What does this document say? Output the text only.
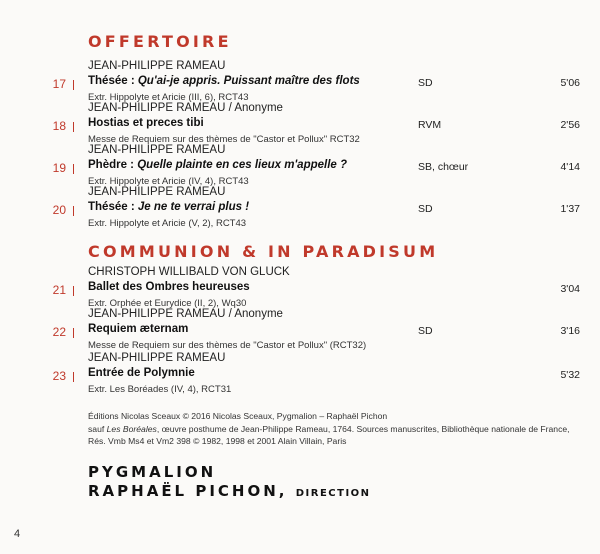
OFFERTOIRE
17
JEAN-PHILIPPE RAMEAU
Thésée : Qu'ai-je appris. Puissant maître des flots
Extr. Hippolyte et Aricie (III, 6), RCT43
SD	5'06
18
JEAN-PHILIPPE RAMEAU / Anonyme
Hostias et preces tibi
Messe de Requiem sur des thèmes de "Castor et Pollux" RCT32
RVM	2'56
19
JEAN-PHILIPPE RAMEAU
Phèdre : Quelle plainte en ces lieux m'appelle ?
Extr. Hippolyte et Aricie (IV, 4), RCT43
SB, chœur	4'14
20
JEAN-PHILIPPE RAMEAU
Thésée : Je ne te verrai plus !
Extr. Hippolyte et Aricie (V, 2), RCT43
SD	1'37
COMMUNION & IN PARADISUM
21
CHRISTOPH WILLIBALD VON GLUCK
Ballet des Ombres heureuses
Extr. Orphée et Eurydice (II, 2), Wq30
3'04
22
JEAN-PHILIPPE RAMEAU / Anonyme
Requiem æternam
Messe de Requiem sur des thèmes de "Castor et Pollux" (RCT32)
SD	3'16
23
JEAN-PHILIPPE RAMEAU
Entrée de Polymnie
Extr. Les Boréades (IV, 4), RCT31
5'32
Éditions Nicolas Sceaux © 2016 Nicolas Sceaux, Pygmalion – Raphaël Pichon
sauf Les Boréales, œuvre posthume de Jean-Philippe Rameau, 1764. Sources manuscrites, Bibliothèque nationale de France,
Rés. Vmb Ms4 et Vm2 398 © 1982, 1998 et 2001 Alain Villain, Paris
PYGMALION
RAPHAËL PICHON, DIRECTION
4
